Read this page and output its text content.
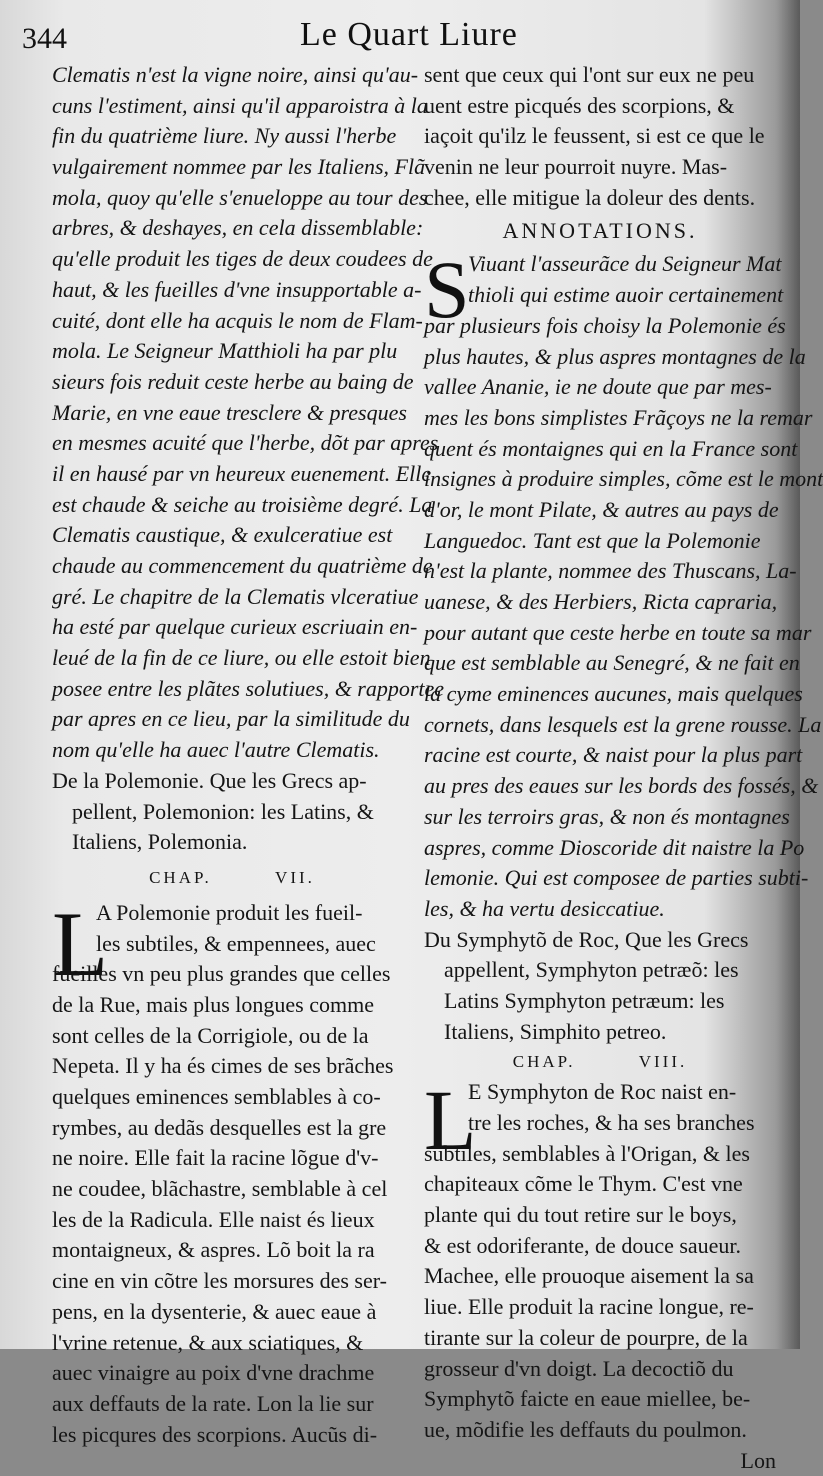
344	Le Quart Liure
Clematis n'est la vigne noire, ainsi qu'au-
cuns l'estiment, ainsi qu'il apparoistra à la
fin du quatrième liure. Ny aussi l'herbe
vulgairement nommee par les Italiens, Flã
mola, quoy qu'elle s'enueloppe au tour des
arbres, & deshayes, en cela dissemblable:
qu'elle produit les tiges de deux coudees de
haut, & les fueilles d'vne insupportable a-
cuité, dont elle ha acquis le nom de Flam-
mola. Le Seigneur Matthioli ha par plu
sieurs fois reduit ceste herbe au baing de
Marie, en vne eaue tresclere & presques
en mesmes acuité que l'herbe, dõt par apres
il en hausé par vn heureux euenement. Elle
est chaude & seiche au troisième degré. La
Clematis caustique, & exulceratiue est
chaude au commencement du quatrième de
gré. Le chapitre de la Clematis vlceratiue
ha esté par quelque curieux escriuain en-
leué de la fin de ce liure, ou elle estoit bien
posee entre les plãtes solutiues, & rapportee
par apres en ce lieu, par la similitude du
nom qu'elle ha auec l'autre Clematis.
De la Polemonie. Que les Grecs ap-
pellent, Polemonion: les Latins, &
Italiens, Polemonia.
CHAP.	VII.
L
A Polemonie produit les fueil-
les subtiles, & empennees, auec
fueilles vn peu plus grandes que celles
de la Rue, mais plus longues comme
sont celles de la Corrigiole, ou de la
Nepeta. Il y ha és cimes de ses brãches
quelques eminences semblables à co-
rymbes, au dedãs desquelles est la gre
ne noire. Elle fait la racine lõgue d'v-
ne coudee, blãchastre, semblable à cel
les de la Radicula. Elle naist és lieux
montaigneux, & aspres. Lõ boit la ra
cine en vin cõtre les morsures des ser-
pens, en la dysenterie, & auec eaue à
l'vrine retenue, & aux sciatiques, &
auec vinaigre au poix d'vne drachme
aux deffauts de la rate. Lon la lie sur
les picqures des scorpions. Aucũs di-
sent que ceux qui l'ont sur eux ne peu
uent estre picqués des scorpions, &
iaçoit qu'ilz le feussent, si est ce que le
venin ne leur pourroit nuyre. Mas-
chee, elle mitigue la doleur des dents.
ANNOTATIONS.
S
Viuant l'asseurãce du Seigneur Mat
thioli qui estime auoir certainement
par plusieurs fois choisy la Polemonie és
plus hautes, & plus aspres montagnes de la
vallee Ananie, ie ne doute que par mes-
mes les bons simplistes Frãçoys ne la remar
quent és montaignes qui en la France sont
insignes à produire simples, cõme est le mont
d'or, le mont Pilate, & autres au pays de
Languedoc. Tant est que la Polemonie
n'est la plante, nommee des Thuscans, La-
uanese, & des Herbiers, Ricta capraria,
pour autant que ceste herbe en toute sa mar
que est semblable au Senegré, & ne fait en
la cyme eminences aucunes, mais quelques
cornets, dans lesquels est la grene rousse. La
racine est courte, & naist pour la plus part
au pres des eaues sur les bords des fossés, &
sur les terroirs gras, & non és montagnes
aspres, comme Dioscoride dit naistre la Po
lemonie. Qui est composee de parties subti-
les, & ha vertu desiccatiue.
Du Symphytõ de Roc, Que les Grecs
appellent, Symphyton petræõ: les
Latins Symphyton petræum: les
Italiens, Simphito petreo.
CHAP.	VIII.
L
E Symphyton de Roc naist en-
tre les roches, & ha ses branches
subtiles, semblables à l'Origan, & les
chapiteaux cõme le Thym. C'est vne
plante qui du tout retire sur le boys,
& est odoriferante, de douce saueur.
Machee, elle prouoque aisement la sa
liue. Elle produit la racine longue, re-
tirante sur la coleur de pourpre, de la
grosseur d'vn doigt. La decoctiõ du
Symphytõ faicte en eaue miellee, be-
ue, mõdifie les deffauts du poulmon.
Lon
